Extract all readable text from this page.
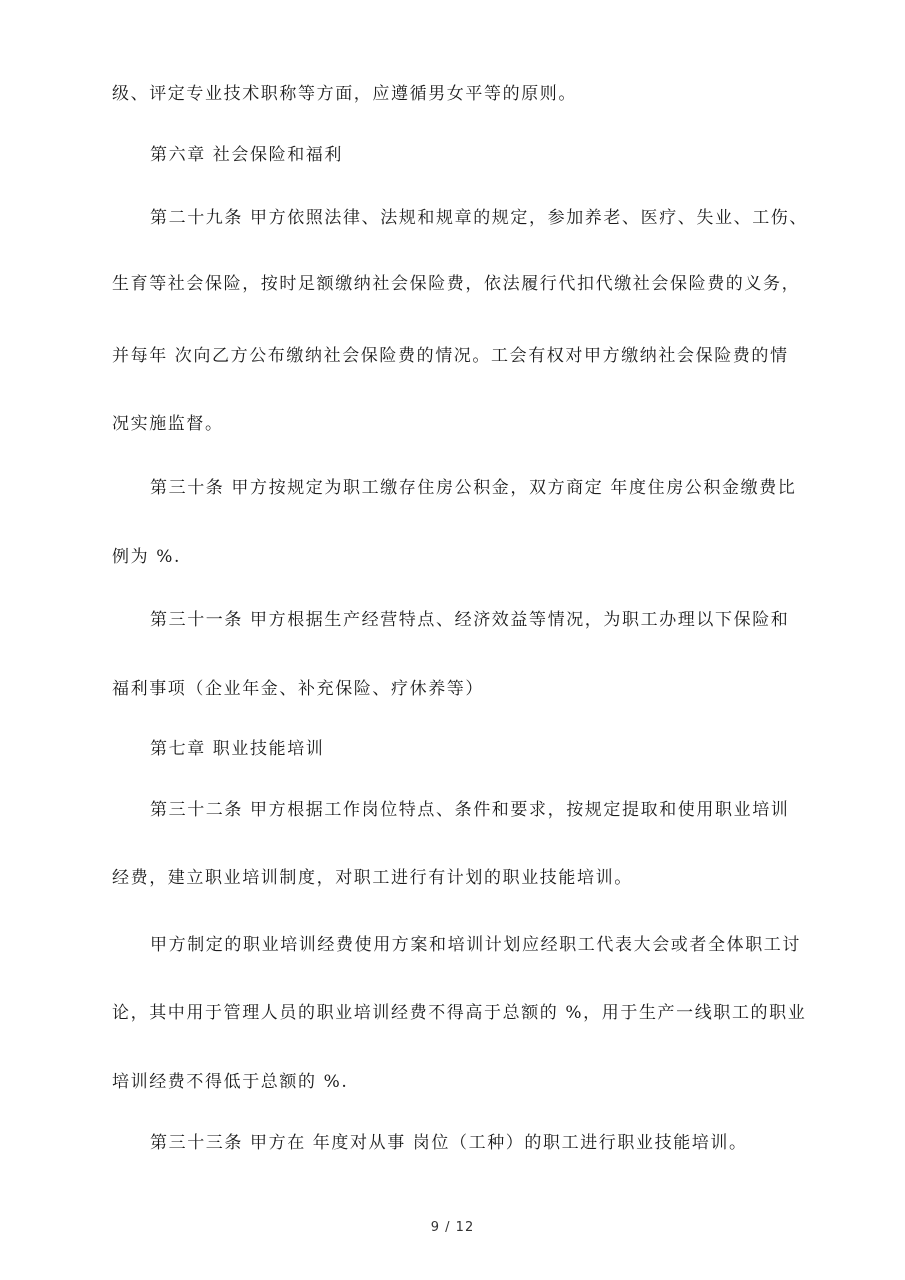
级、评定专业技术职称等方面，应遵循男女平等的原则。
第六章 社会保险和福利
第二十九条 甲方依照法律、法规和规章的规定，参加养老、医疗、失业、工伤、
生育等社会保险，按时足额缴纳社会保险费，依法履行代扣代缴社会保险费的义务，
并每年 次向乙方公布缴纳社会保险费的情况。工会有权对甲方缴纳社会保险费的情
况实施监督。
第三十条 甲方按规定为职工缴存住房公积金，双方商定 年度住房公积金缴费比
例为 %.
第三十一条 甲方根据生产经营特点、经济效益等情况，为职工办理以下保险和
福利事项（企业年金、补充保险、疗休养等）
第七章 职业技能培训
第三十二条 甲方根据工作岗位特点、条件和要求，按规定提取和使用职业培训
经费，建立职业培训制度，对职工进行有计划的职业技能培训。
甲方制定的职业培训经费使用方案和培训计划应经职工代表大会或者全体职工讨
论，其中用于管理人员的职业培训经费不得高于总额的 %，用于生产一线职工的职业
培训经费不得低于总额的 %.
第三十三条 甲方在 年度对从事 岗位（工种）的职工进行职业技能培训。
9 / 12
